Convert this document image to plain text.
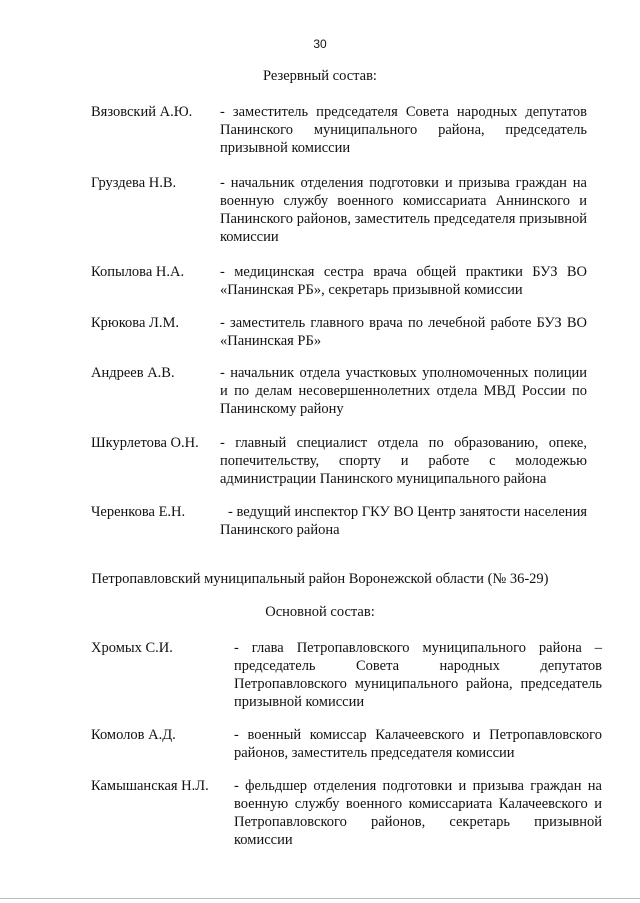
30
Резервный состав:
Вязовский А.Ю. - заместитель председателя Совета народных депутатов Панинского муниципального района, председатель призывной комиссии
Груздева Н.В.	- начальник отделения подготовки и призыва граждан на военную службу военного комиссариата Аннинского и Панинского районов, заместитель председателя призывной комиссии
Копылова Н.А. - медицинская сестра врача общей практики БУЗ ВО «Панинская РБ», секретарь призывной комиссии
Крюкова Л.М.	- заместитель главного врача по лечебной работе БУЗ ВО «Панинская РБ»
Андреев А.В.	- начальник отдела участковых уполномоченных полиции и по делам несовершеннолетних отдела МВД России по Панинскому району
Шкурлетова О.Н. - главный специалист отдела по образованию, опеке, попечительству, спорту и работе с молодежью администрации Панинского муниципального района
Черенкова Е.Н.	- ведущий инспектор ГКУ ВО Центр занятости населения Панинского района
Петропавловский муниципальный район Воронежской области (№ 36-29)
Основной состав:
Хромых С.И.	- глава Петропавловского муниципального района – председатель Совета народных депутатов Петропавловского муниципального района, председатель призывной комиссии
Комолов А.Д.	- военный комиссар Калачеевского и Петропавловского районов, заместитель председателя комиссии
Камышанская Н.Л. - фельдшер отделения подготовки и призыва граждан на военную службу военного комиссариата Калачеевского и Петропавловского районов, секретарь призывной комиссии
